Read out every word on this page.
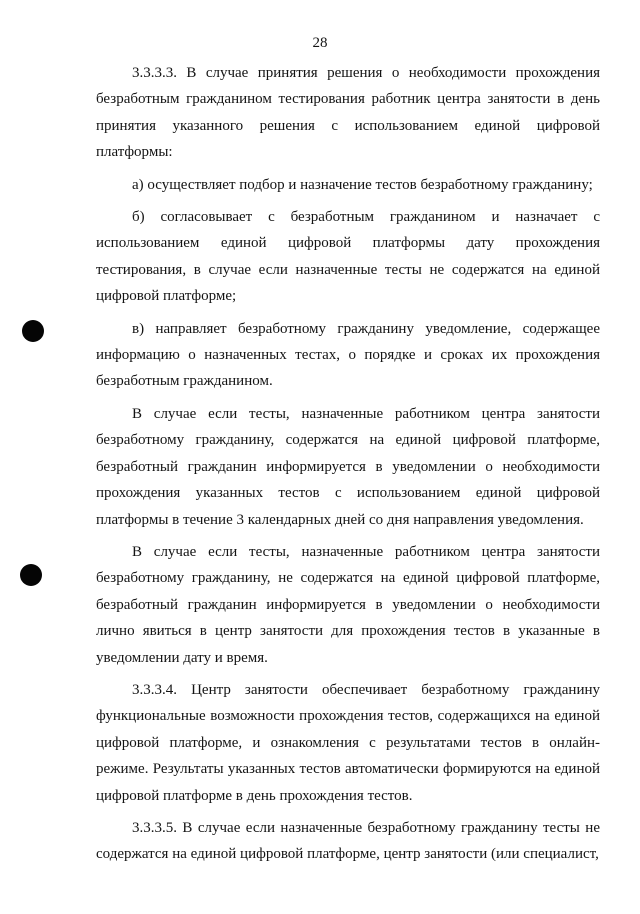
28

3.3.3.3. В случае принятия решения о необходимости прохождения безработным гражданином тестирования работник центра занятости в день принятия указанного решения с использованием единой цифровой платформы:

а) осуществляет подбор и назначение тестов безработному гражданину;

б) согласовывает с безработным гражданином и назначает с использованием единой цифровой платформы дату прохождения тестирования, в случае если назначенные тесты не содержатся на единой цифровой платформе;

в) направляет безработному гражданину уведомление, содержащее информацию о назначенных тестах, о порядке и сроках их прохождения безработным гражданином.

В случае если тесты, назначенные работником центра занятости безработному гражданину, содержатся на единой цифровой платформе, безработный гражданин информируется в уведомлении о необходимости прохождения указанных тестов с использованием единой цифровой платформы в течение 3 календарных дней со дня направления уведомления.

В случае если тесты, назначенные работником центра занятости безработному гражданину, не содержатся на единой цифровой платформе, безработный гражданин информируется в уведомлении о необходимости лично явиться в центр занятости для прохождения тестов в указанные в уведомлении дату и время.

3.3.3.4. Центр занятости обеспечивает безработному гражданину функциональные возможности прохождения тестов, содержащихся на единой цифровой платформе, и ознакомления с результатами тестов в онлайн-режиме. Результаты указанных тестов автоматически формируются на единой цифровой платформе в день прохождения тестов.

3.3.3.5. В случае если назначенные безработному гражданину тесты не содержатся на единой цифровой платформе, центр занятости (или специалист,
